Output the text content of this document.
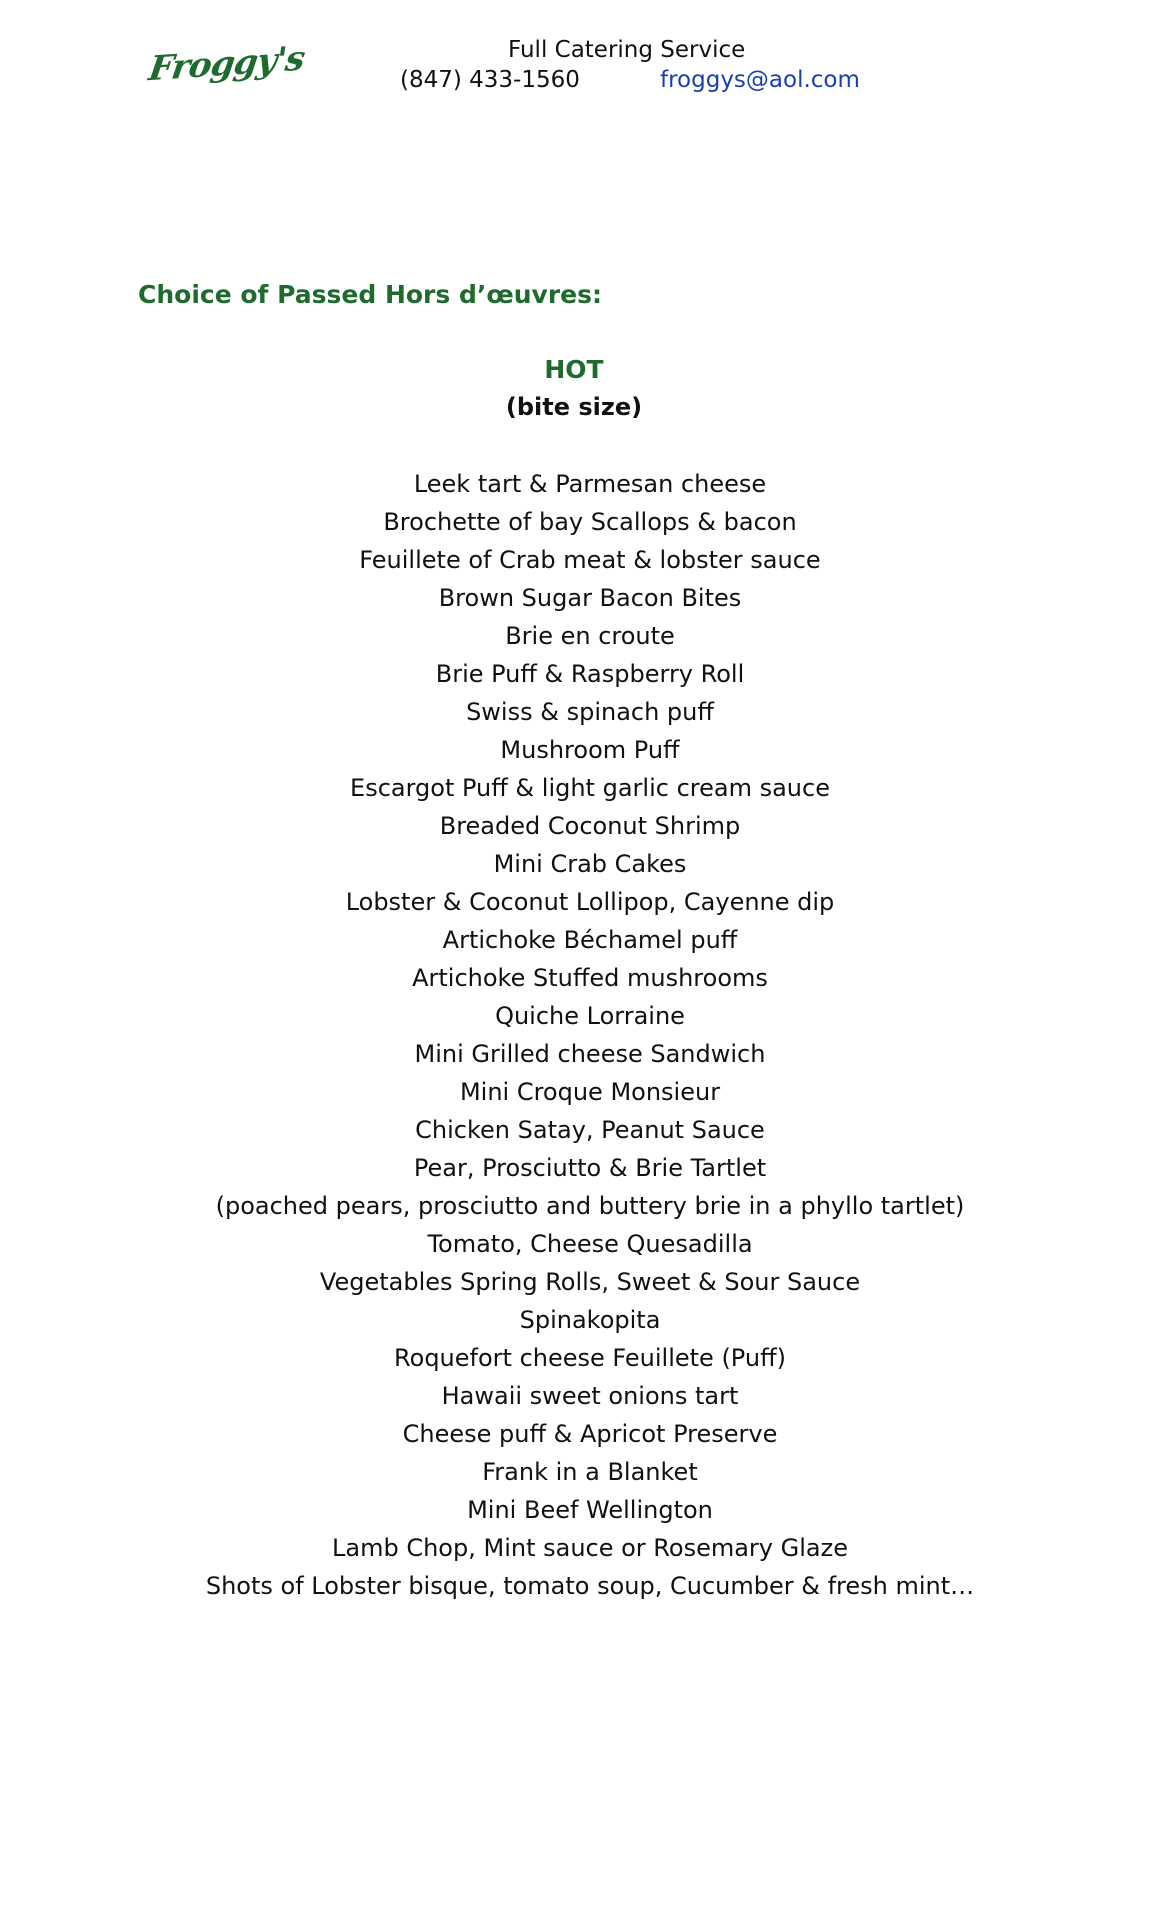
Froggy's	Full Catering Service
(847) 433-1560	froggys@aol.com
Choice of Passed Hors d’œuvres:
HOT
(bite size)
Leek tart & Parmesan cheese
Brochette of bay Scallops & bacon
Feuillete of Crab meat & lobster sauce
Brown Sugar Bacon Bites
Brie en croute
Brie Puff & Raspberry Roll
Swiss & spinach puff
Mushroom Puff
Escargot Puff & light garlic cream sauce
Breaded Coconut Shrimp
Mini Crab Cakes
Lobster & Coconut Lollipop, Cayenne dip
Artichoke Béchamel puff
Artichoke Stuffed mushrooms
Quiche Lorraine
Mini Grilled cheese Sandwich
Mini Croque Monsieur
Chicken Satay, Peanut Sauce
Pear, Prosciutto & Brie Tartlet
(poached pears, prosciutto and buttery brie in a phyllo tartlet)
Tomato, Cheese Quesadilla
Vegetables Spring Rolls, Sweet & Sour Sauce
Spinakopita
Roquefort cheese Feuillete (Puff)
Hawaii sweet onions tart
Cheese puff & Apricot Preserve
Frank in a Blanket
Mini Beef Wellington
Lamb Chop, Mint sauce or Rosemary Glaze
Shots of Lobster bisque, tomato soup, Cucumber & fresh mint…
